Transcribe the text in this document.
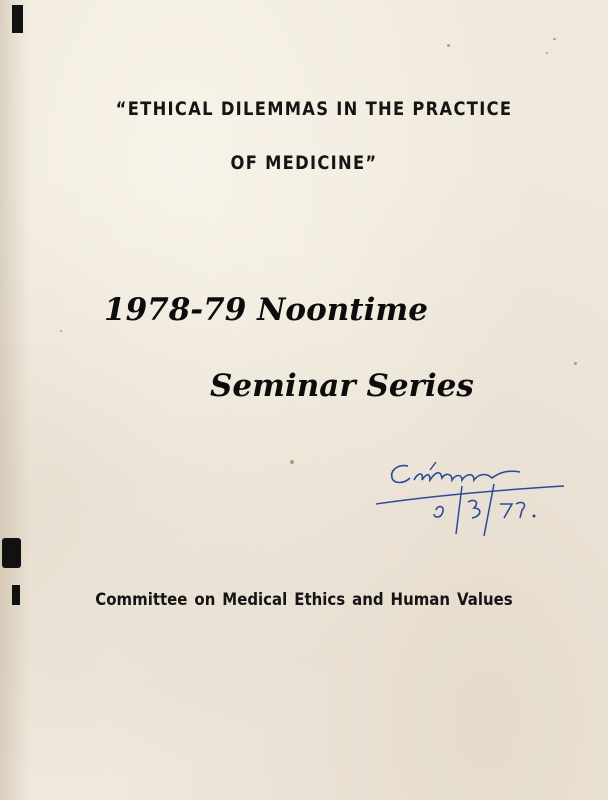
“ETHICAL DILEMMAS IN THE PRACTICE
OF MEDICINE”
1978-79 Noontime
Seminar Series
Committee on Medical Ethics and Human Values
